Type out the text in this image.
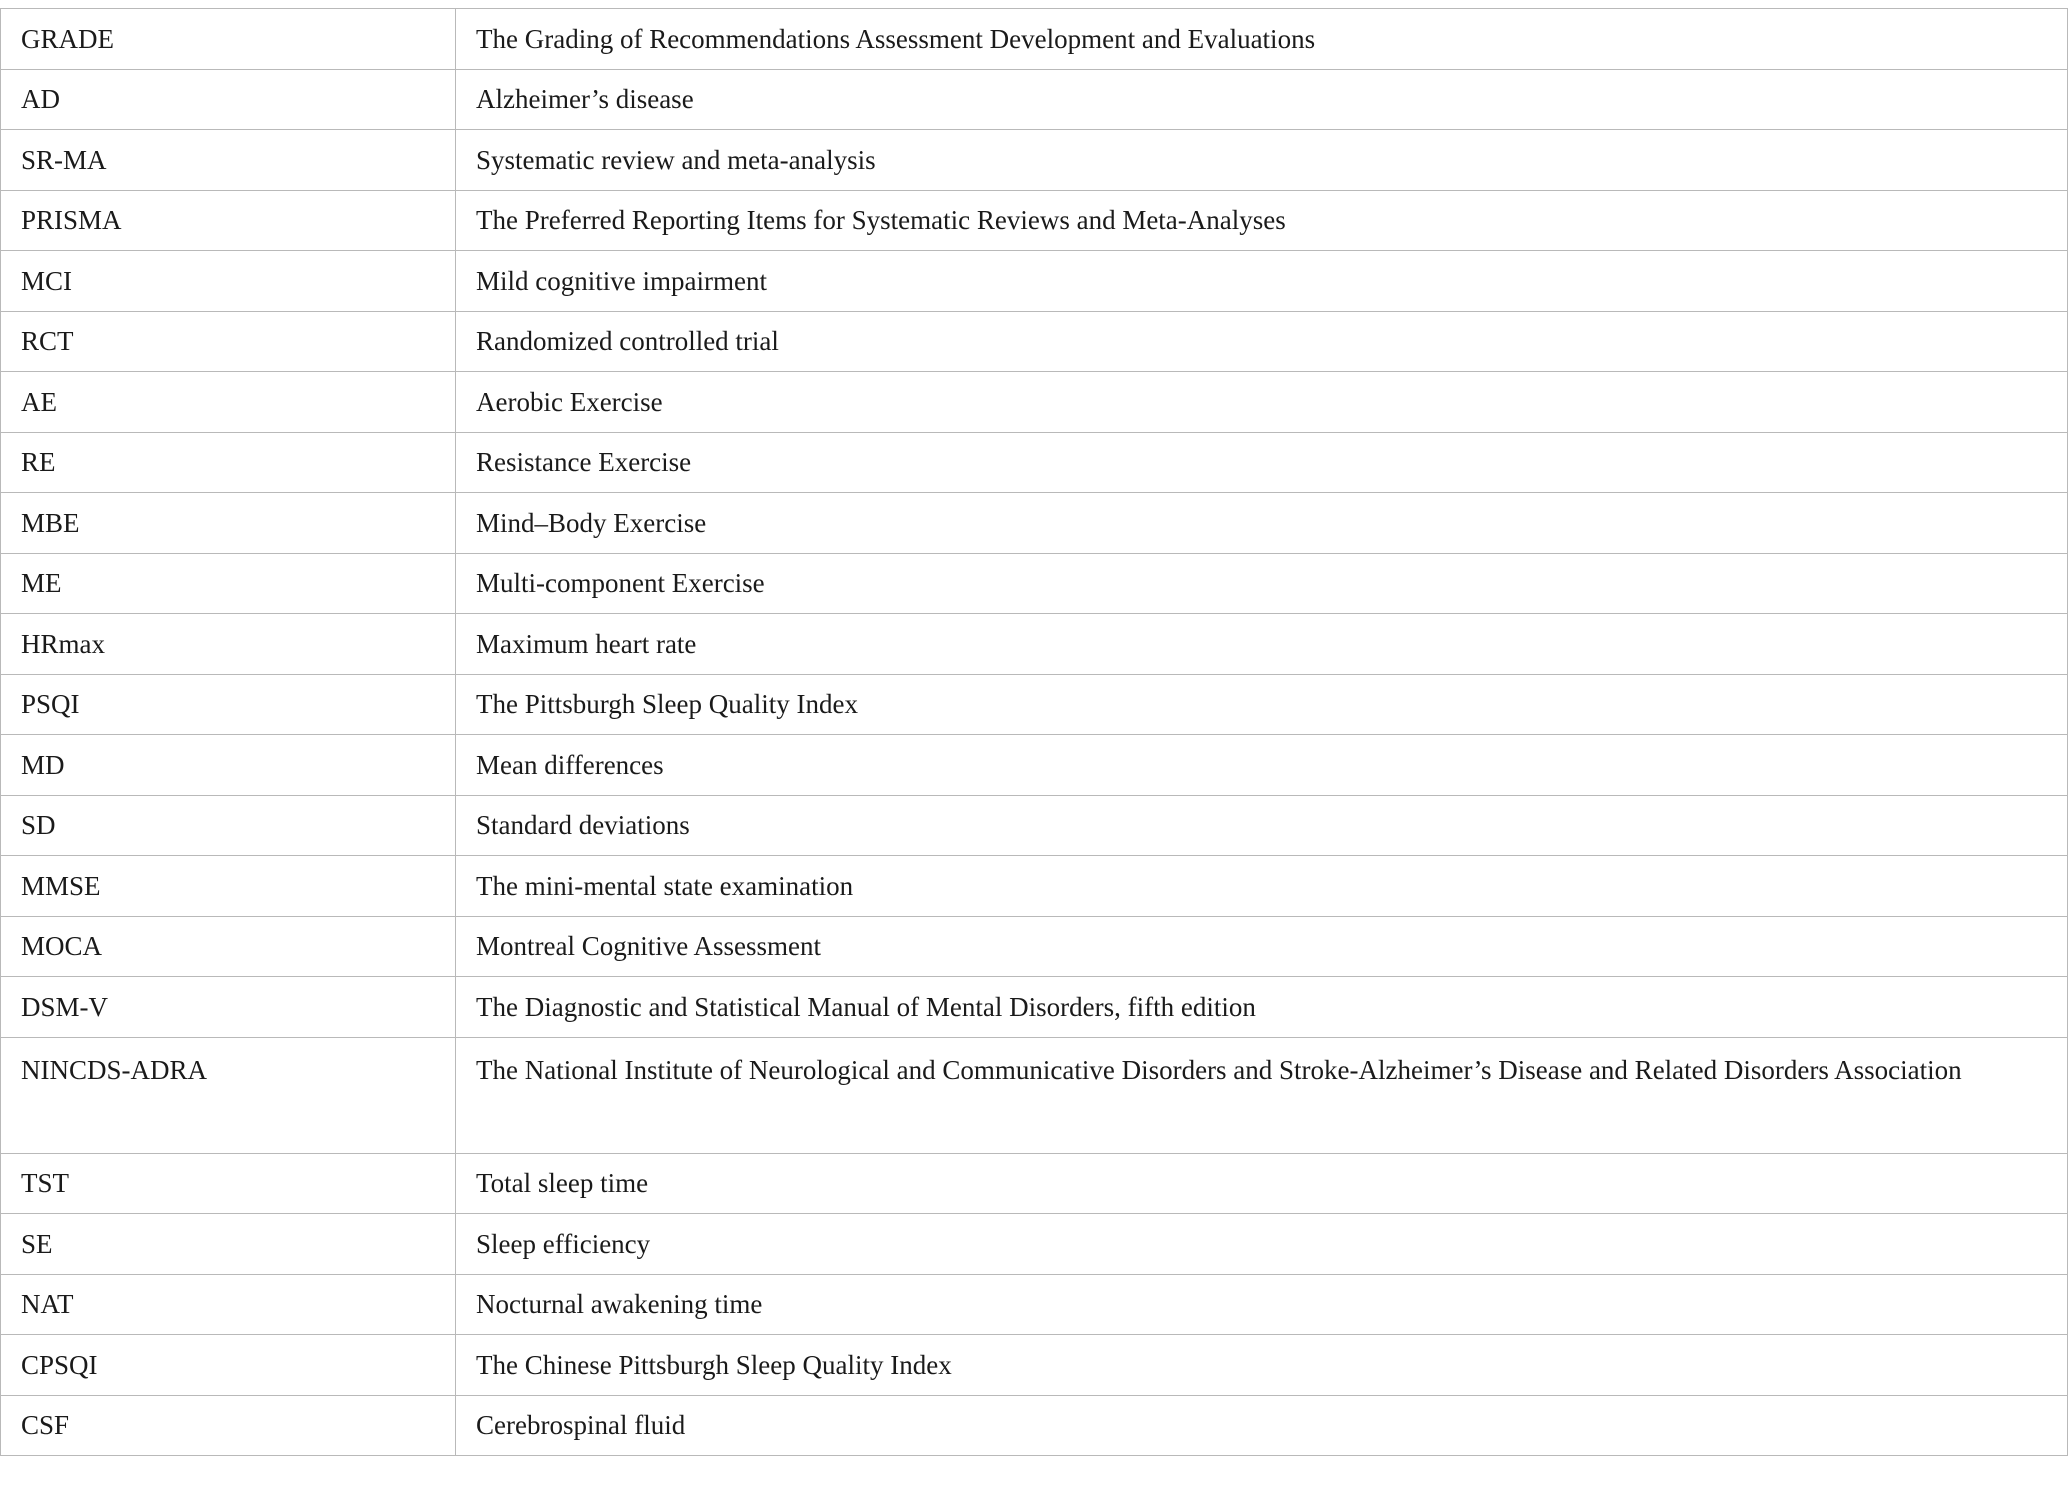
GRADE	The Grading of Recommendations Assessment Development and Evaluations
AD	Alzheimer’s disease
SR-MA	Systematic review and meta-analysis
PRISMA	The Preferred Reporting Items for Systematic Reviews and Meta-Analyses
MCI	Mild cognitive impairment
RCT	Randomized controlled trial
AE	Aerobic Exercise
RE	Resistance Exercise
MBE	Mind–Body Exercise
ME	Multi-component Exercise
HRmax	Maximum heart rate
PSQI	The Pittsburgh Sleep Quality Index
MD	Mean differences
SD	Standard deviations
MMSE	The mini-mental state examination
MOCA	Montreal Cognitive Assessment
DSM-V	The Diagnostic and Statistical Manual of Mental Disorders, fifth edition
NINCDS-ADRA	The National Institute of Neurological and Communicative Disorders and Stroke-Alzheimer’s Disease and Related Disorders Association
TST	Total sleep time
SE	Sleep efficiency
NAT	Nocturnal awakening time
CPSQI	The Chinese Pittsburgh Sleep Quality Index
CSF	Cerebrospinal fluid
